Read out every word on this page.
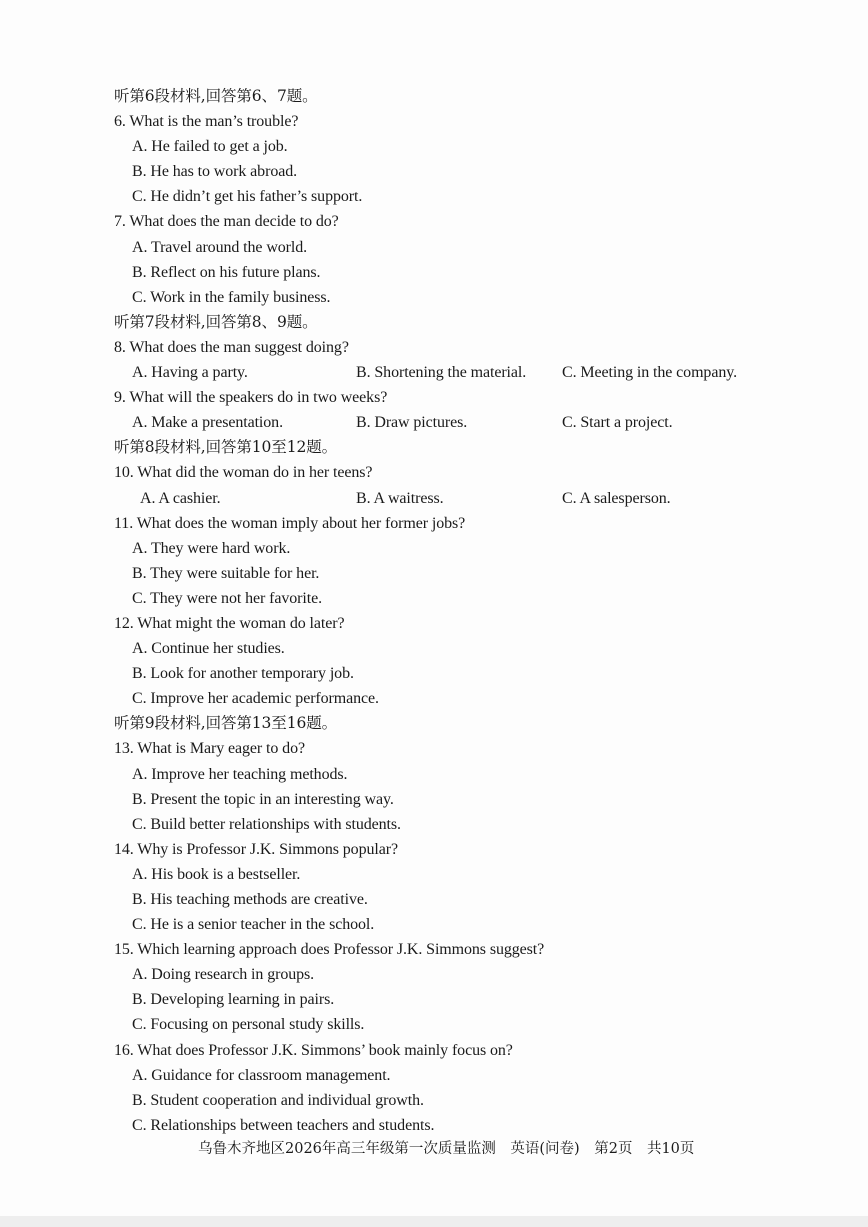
听第6段材料,回答第6、7题。
6. What is the man’s trouble?
A. He failed to get a job.
B. He has to work abroad.
C. He didn’t get his father’s support.
7. What does the man decide to do?
A. Travel around the world.
B. Reflect on his future plans.
C. Work in the family business.
听第7段材料,回答第8、9题。
8. What does the man suggest doing?
A. Having a party.	B. Shortening the material.	C. Meeting in the company.
9. What will the speakers do in two weeks?
A. Make a presentation.	B. Draw pictures.	C. Start a project.
听第8段材料,回答第10至12题。
10. What did the woman do in her teens?
A. A cashier.	B. A waitress.	C. A salesperson.
11. What does the woman imply about her former jobs?
A. They were hard work.
B. They were suitable for her.
C. They were not her favorite.
12. What might the woman do later?
A. Continue her studies.
B. Look for another temporary job.
C. Improve her academic performance.
听第9段材料,回答第13至16题。
13. What is Mary eager to do?
A. Improve her teaching methods.
B. Present the topic in an interesting way.
C. Build better relationships with students.
14. Why is Professor J.K. Simmons popular?
A. His book is a bestseller.
B. His teaching methods are creative.
C. He is a senior teacher in the school.
15. Which learning approach does Professor J.K. Simmons suggest?
A. Doing research in groups.
B. Developing learning in pairs.
C. Focusing on personal study skills.
16. What does Professor J.K. Simmons’ book mainly focus on?
A. Guidance for classroom management.
B. Student cooperation and individual growth.
C. Relationships between teachers and students.
乌鲁木齐地区2026年高三年级第一次质量监测　英语(问卷)　第2页　共10页
